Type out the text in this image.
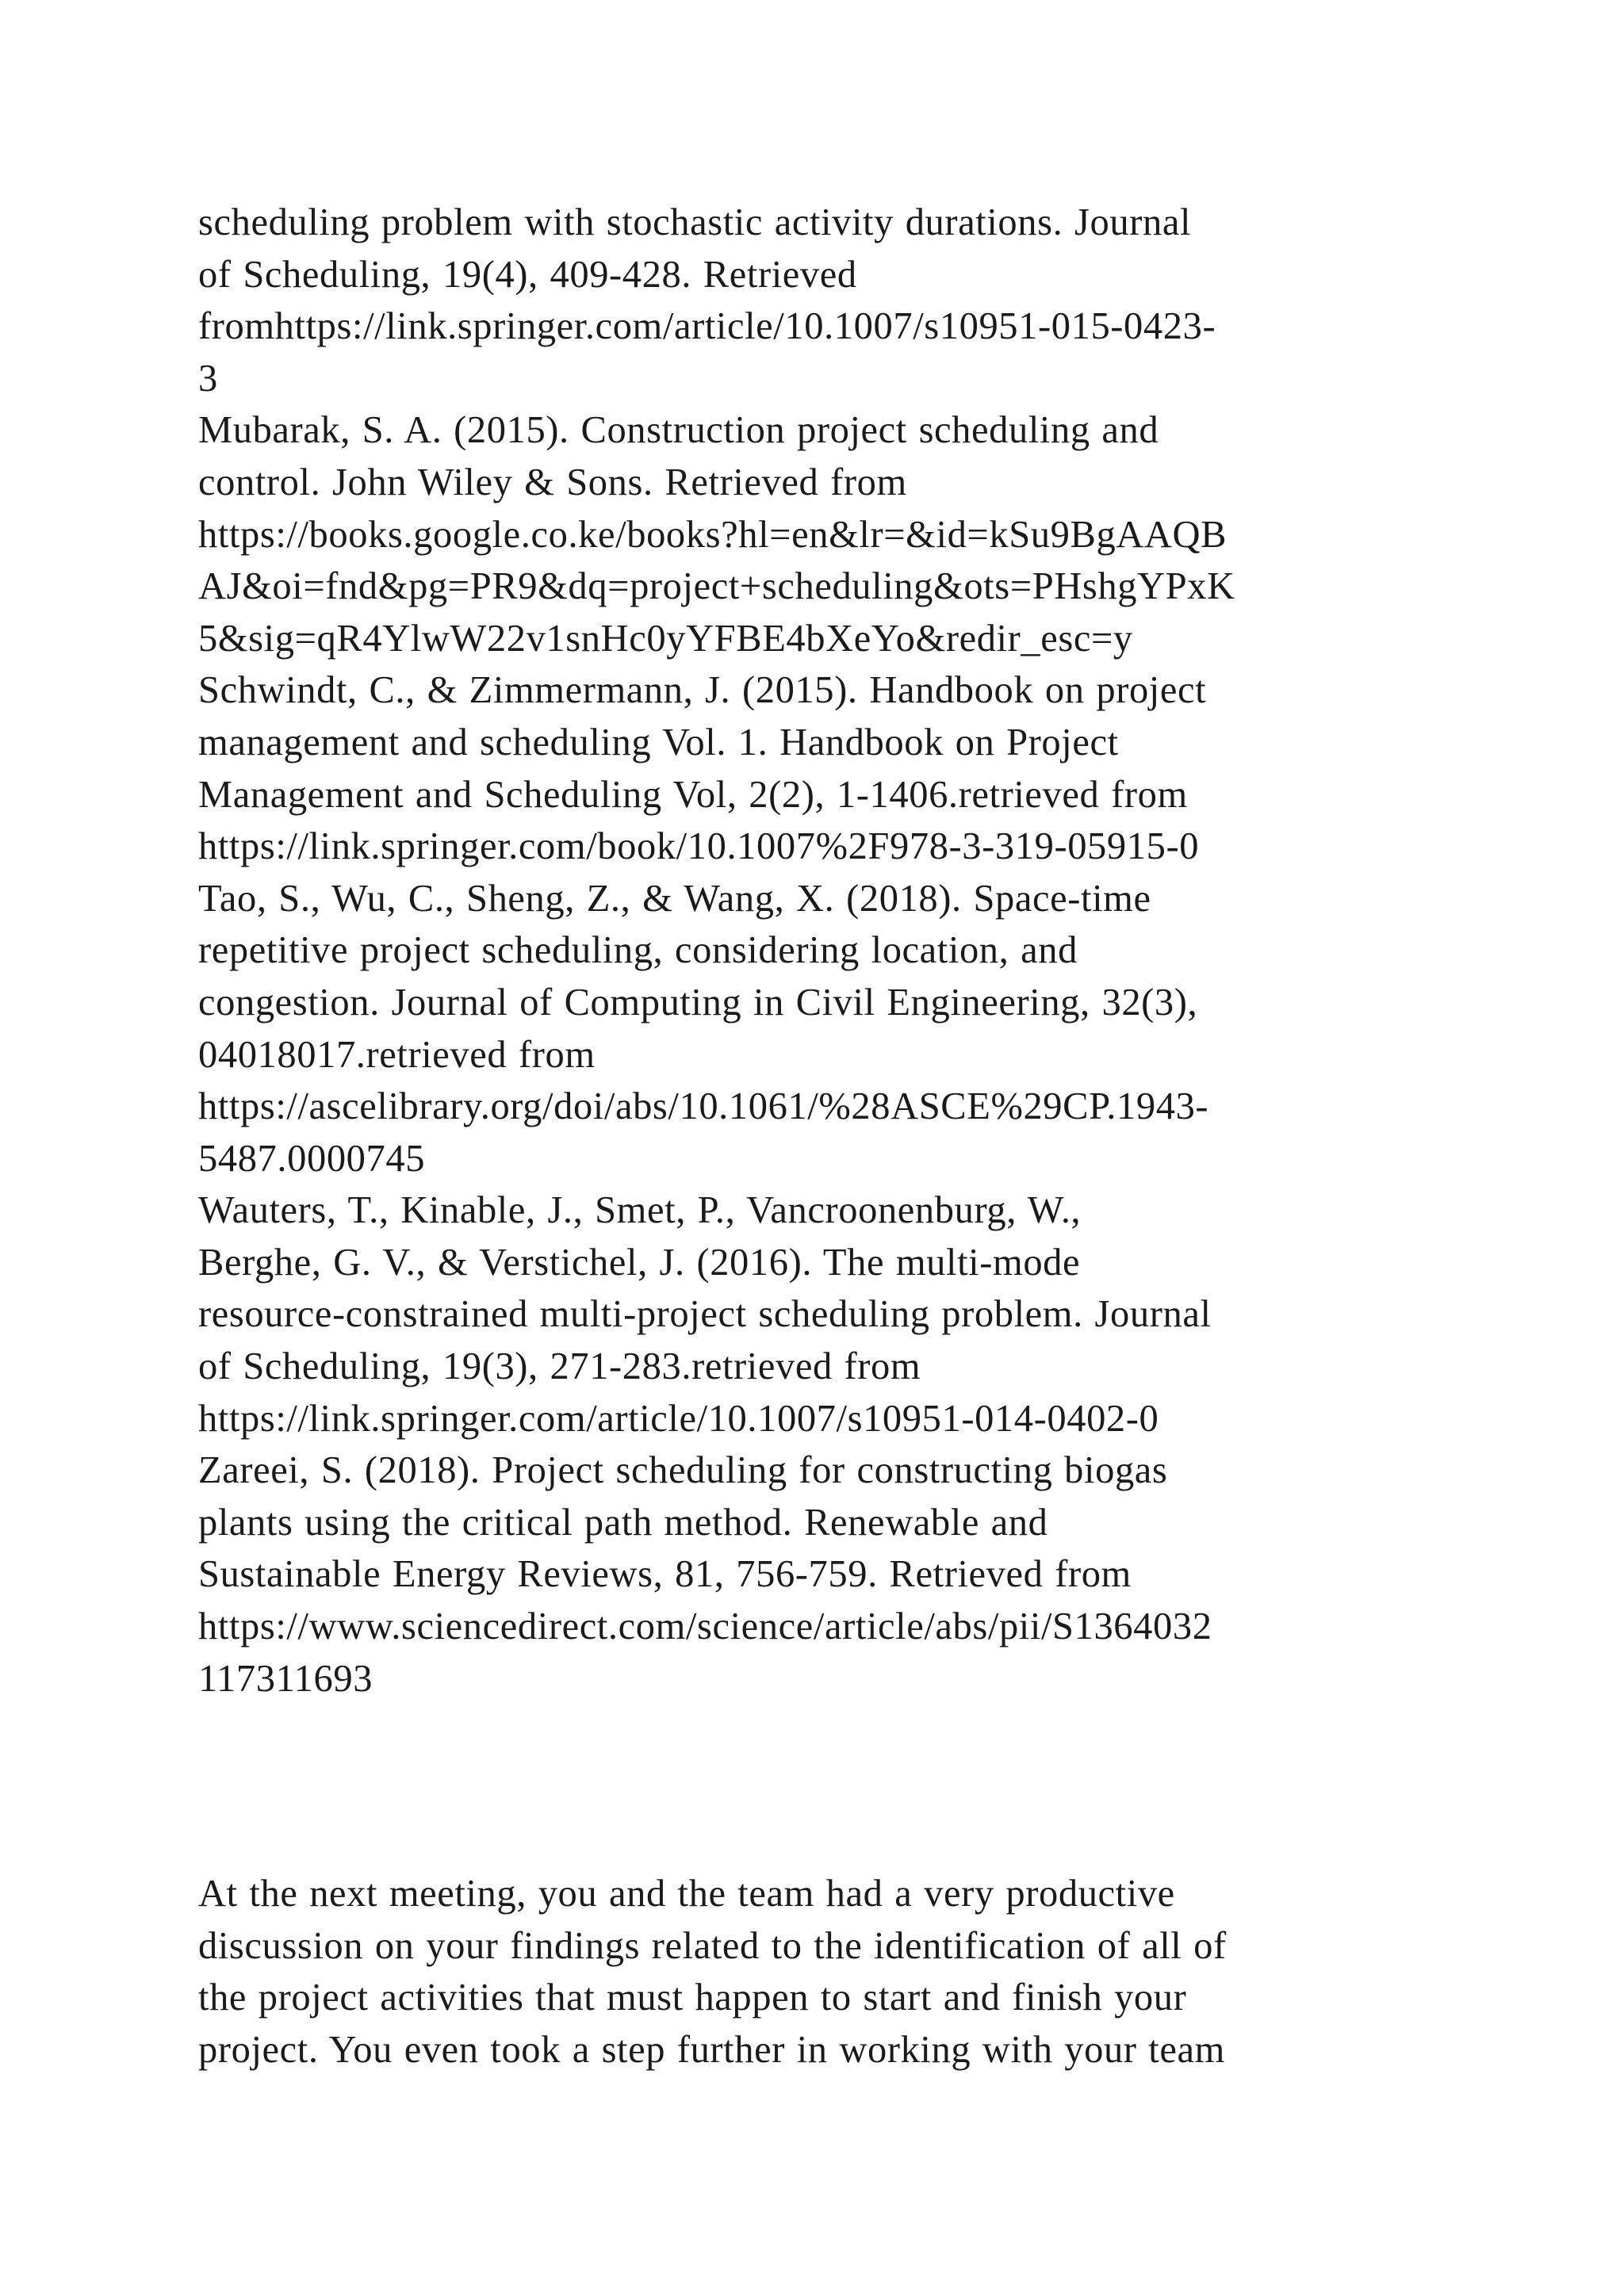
scheduling problem with stochastic activity durations. Journal
of Scheduling, 19(4), 409-428. Retrieved
fromhttps://link.springer.com/article/10.1007/s10951-015-0423-
3
Mubarak, S. A. (2015). Construction project scheduling and
control. John Wiley & Sons. Retrieved from
https://books.google.co.ke/books?hl=en&lr=&id=kSu9BgAAQB
AJ&oi=fnd&pg=PR9&dq=project+scheduling&ots=PHshgYPxK
5&sig=qR4YlwW22v1snHc0yYFBE4bXeYo&redir_esc=y
Schwindt, C., & Zimmermann, J. (2015). Handbook on project
management and scheduling Vol. 1. Handbook on Project
Management and Scheduling Vol, 2(2), 1-1406.retrieved from
https://link.springer.com/book/10.1007%2F978-3-319-05915-0
Tao, S., Wu, C., Sheng, Z., & Wang, X. (2018). Space-time
repetitive project scheduling, considering location, and
congestion. Journal of Computing in Civil Engineering, 32(3),
04018017.retrieved from
https://ascelibrary.org/doi/abs/10.1061/%28ASCE%29CP.1943-
5487.0000745
Wauters, T., Kinable, J., Smet, P., Vancroonenburg, W.,
Berghe, G. V., & Verstichel, J. (2016). The multi-mode
resource-constrained multi-project scheduling problem. Journal
of Scheduling, 19(3), 271-283.retrieved from
https://link.springer.com/article/10.1007/s10951-014-0402-0
Zareei, S. (2018). Project scheduling for constructing biogas
plants using the critical path method. Renewable and
Sustainable Energy Reviews, 81, 756-759. Retrieved from
https://www.sciencedirect.com/science/article/abs/pii/S1364032
117311693
At the next meeting, you and the team had a very productive
discussion on your findings related to the identification of all of
the project activities that must happen to start and finish your
project. You even took a step further in working with your team
